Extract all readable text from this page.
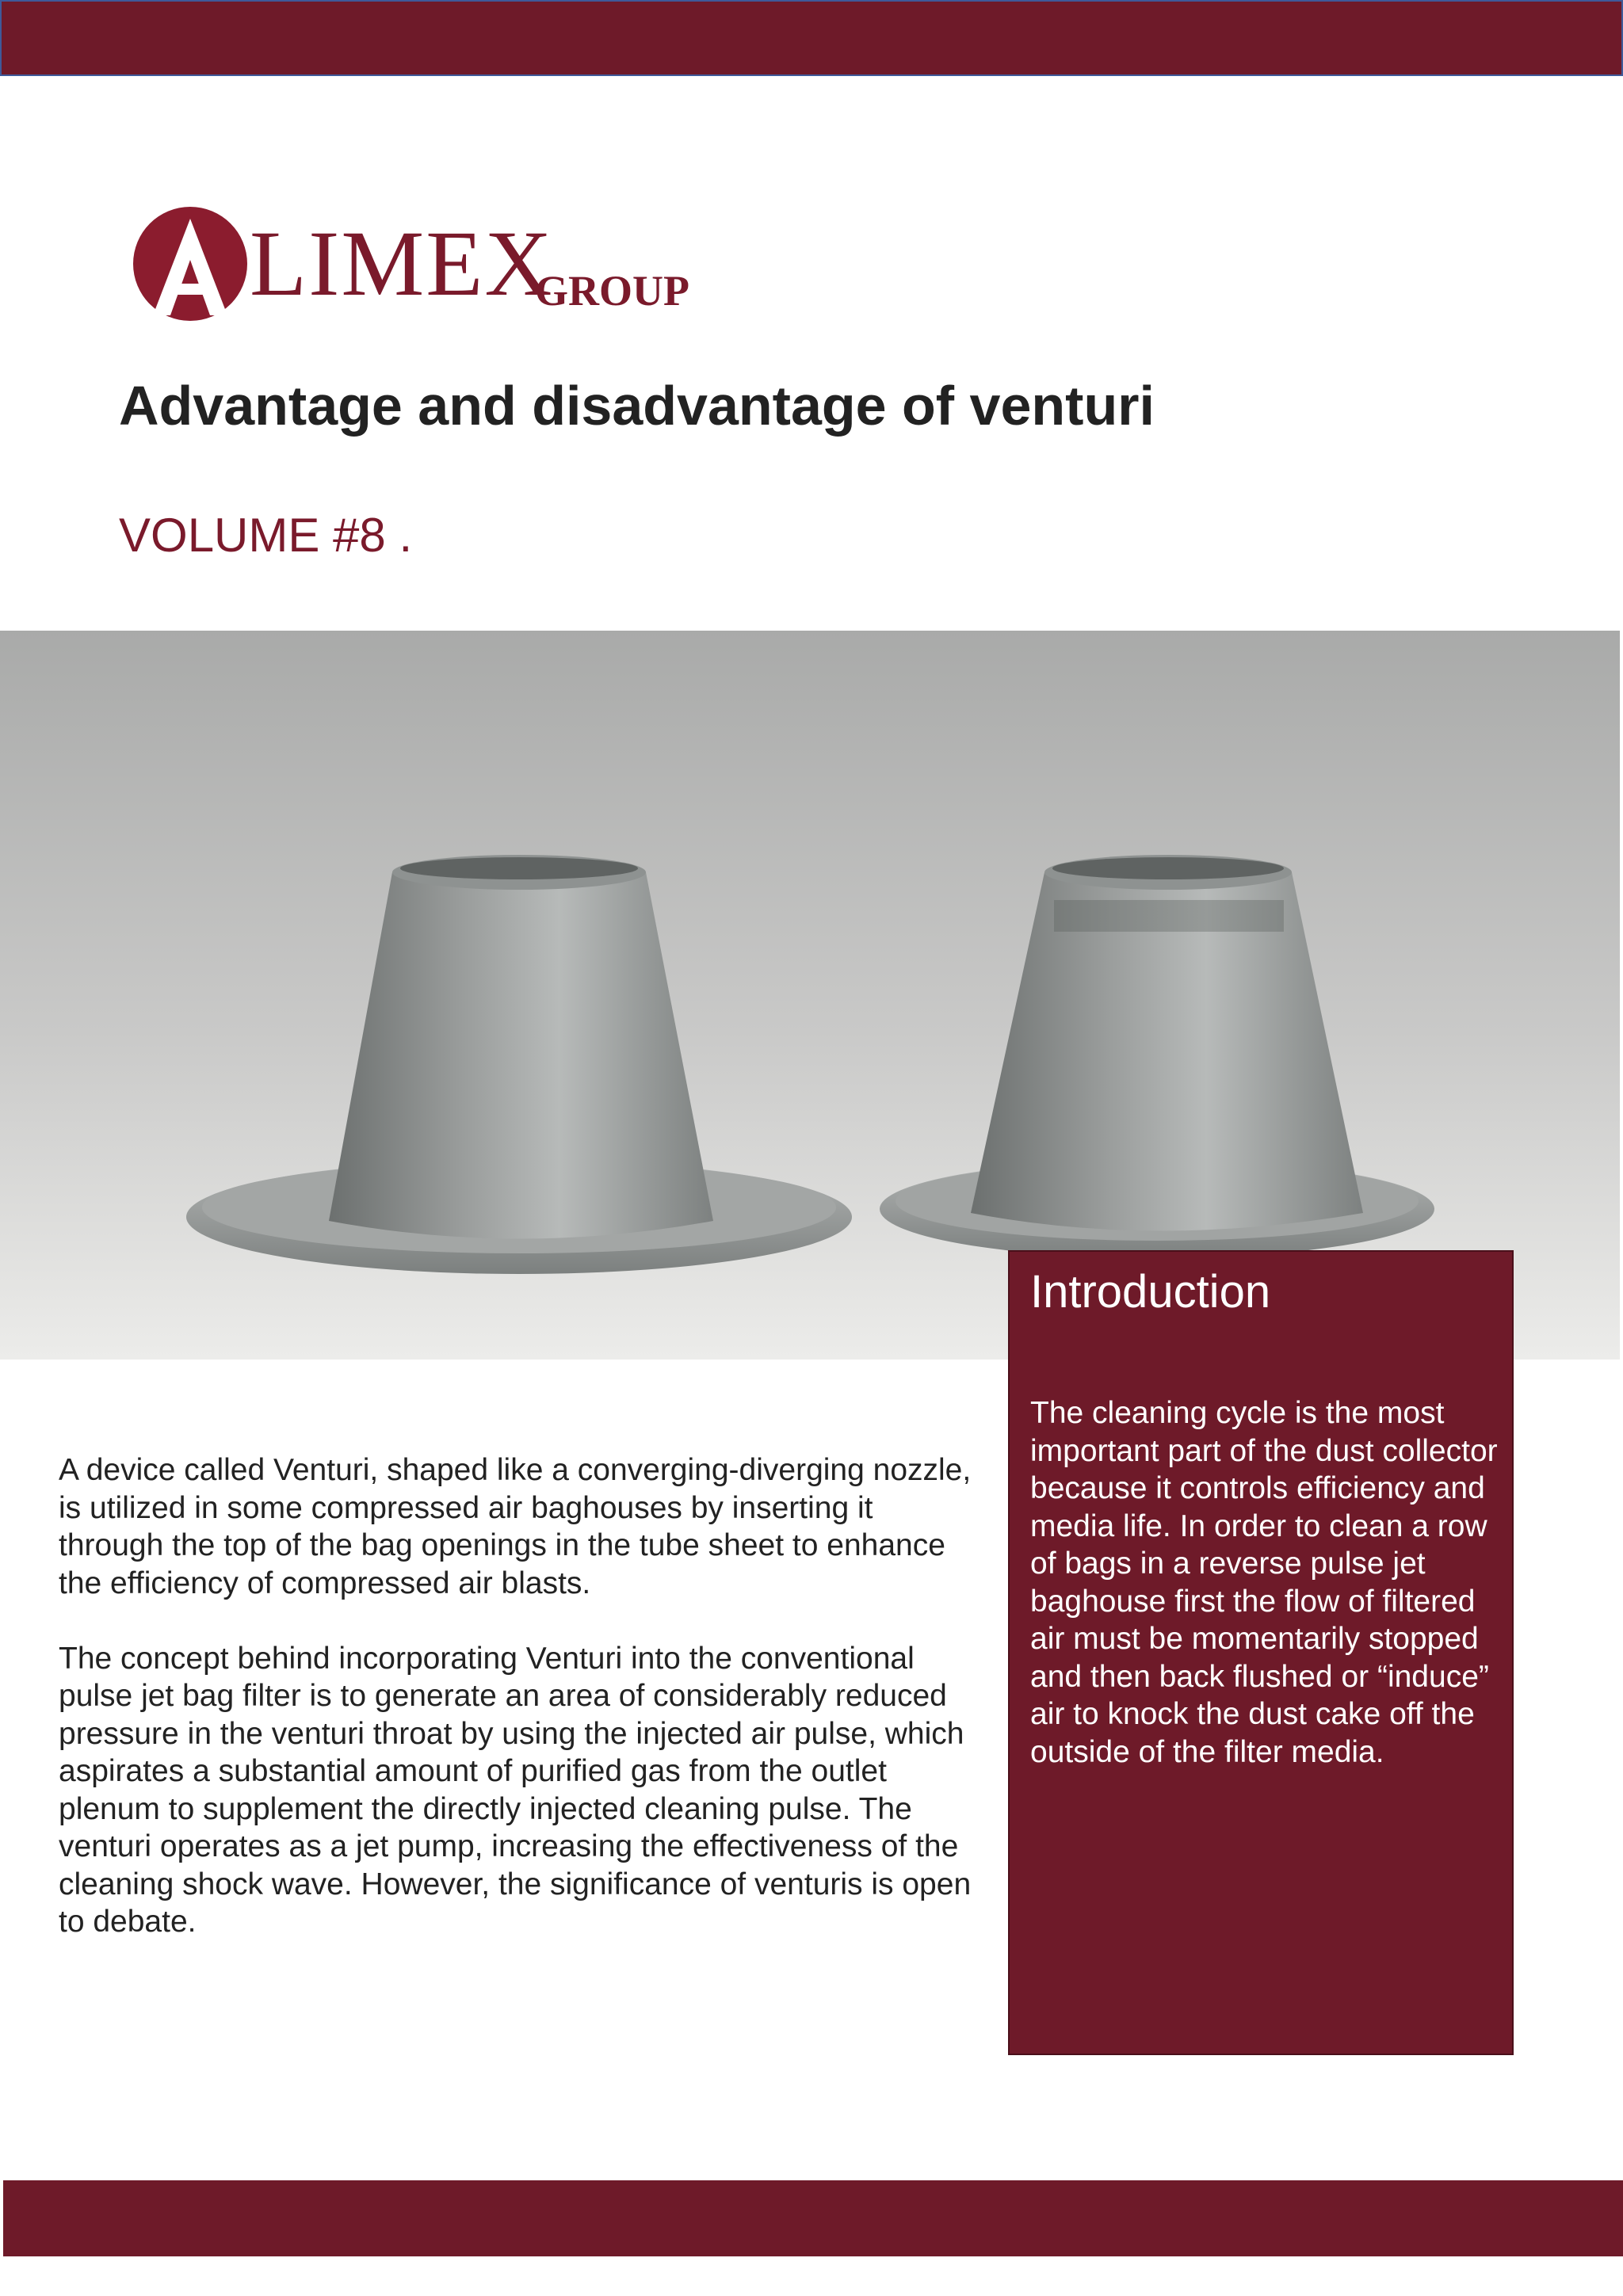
LIMEX
GROUP
Advantage and disadvantage of venturi
VOLUME #8 .
Introduction
The cleaning cycle is the most important part of the dust collector because it controls efficiency and media life. In order to clean a row of bags in a reverse pulse jet baghouse first the flow of filtered air must be momentarily stopped and then back flushed or “induce” air to knock the dust cake off the outside of the filter media.

A device called Venturi, shaped like a converging-diverging nozzle, is utilized in some compressed air baghouses by inserting it through the top of the bag openings in the tube sheet to enhance the efficiency of compressed air blasts.

The concept behind incorporating Venturi into the conventional pulse jet bag filter is to generate an area of considerably reduced pressure in the venturi throat by using the injected air pulse, which aspirates a substantial amount of purified gas from the outlet plenum to supplement the directly injected cleaning pulse. The venturi operates as a jet pump, increasing the effectiveness of the cleaning shock wave. However, the significance of venturis is open to debate.
